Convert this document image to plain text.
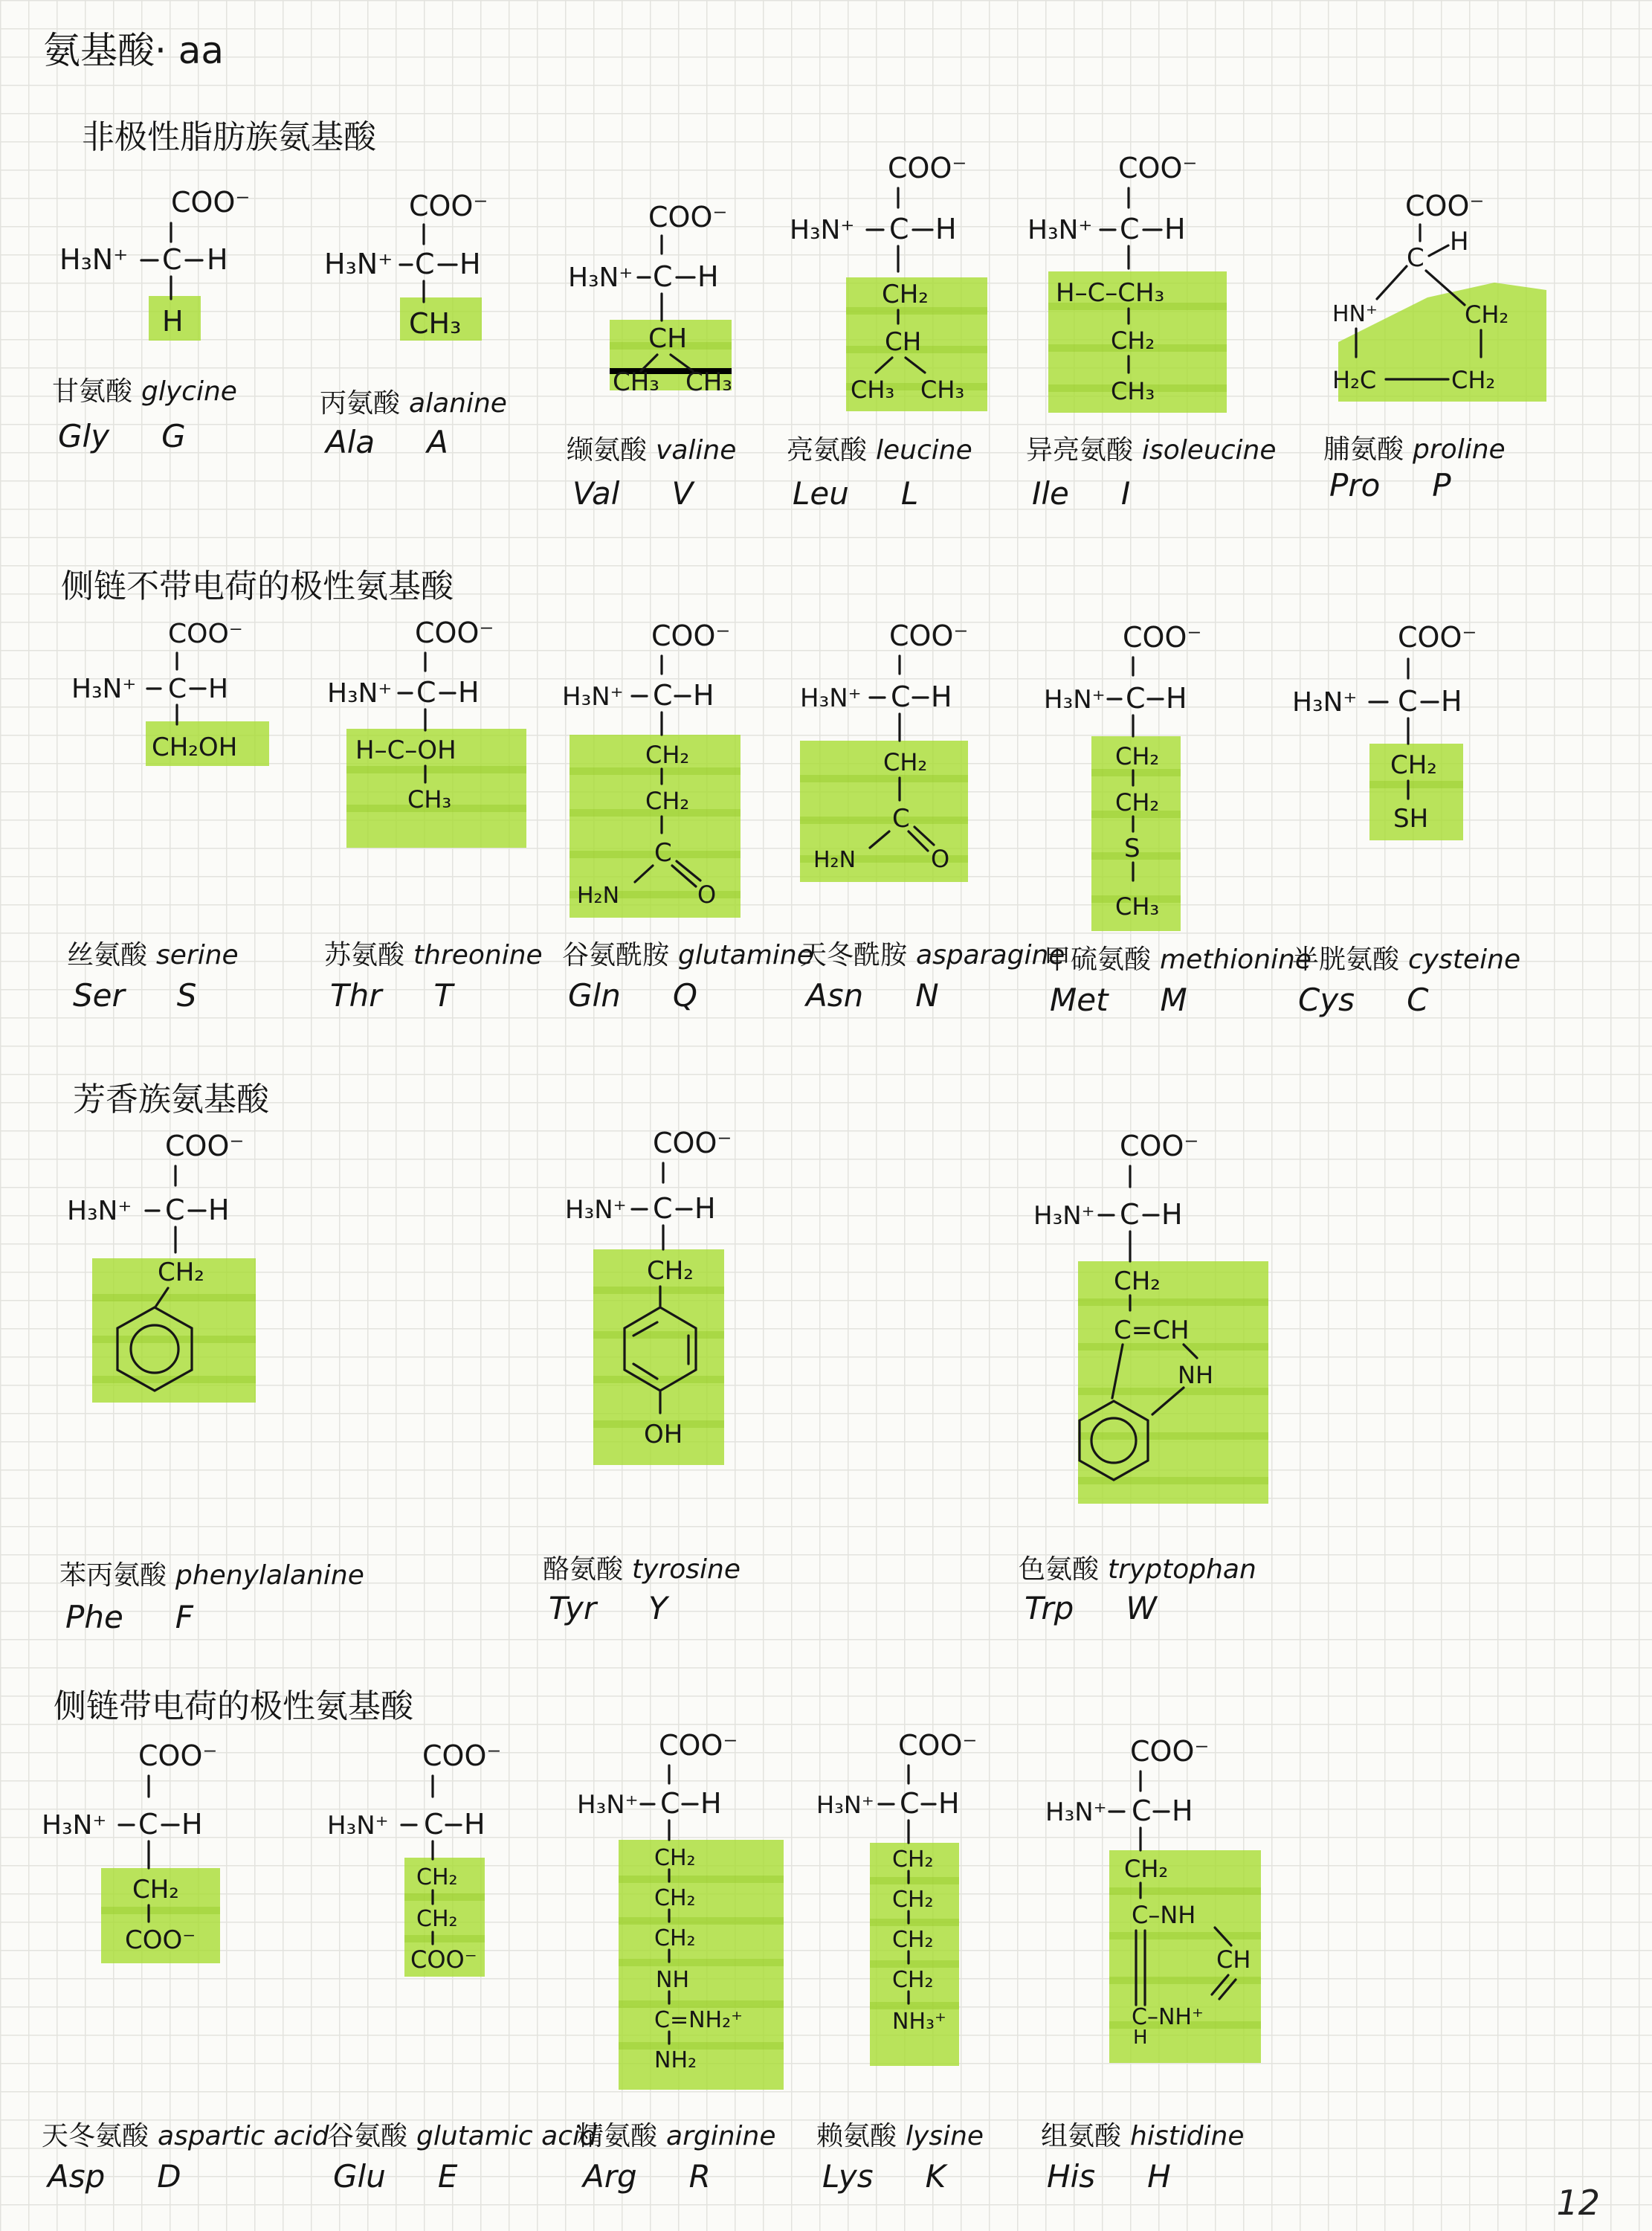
氨基酸· aa
非极性脂肪族氨基酸
侧链不带电荷的极性氨基酸
芳香族氨基酸
侧链带电荷的极性氨基酸
COO⁻
H₃N⁺ C H
H
甘氨酸 glycine
Gly G
COO⁻
H₃N⁺ C H
CH₃
丙氨酸 alanine
Ala A
COO⁻
H₃N⁺ C H
CH
CH₃ CH₃
缬氨酸 valine
Val V
COO⁻
H₃N⁺ C H
CH₂
CH
CH₃ CH₃
亮氨酸 leucine
Leu L
COO⁻
H₃N⁺ C H
H–C–CH₃
CH₂
CH₃
异亮氨酸 isoleucine
Ile I
COO⁻
C
H
HN⁺	CH₂
H₂C	CH₂
脯氨酸 proline
Pro P
COO⁻
H₃N⁺ C H
CH₂OH
丝氨酸 serine
Ser S
COO⁻
H₃N⁺ C H
H–C–OH
CH₃
苏氨酸 threonine
Thr T
COO⁻
H₃N⁺ C H
CH₂
CH₂
C
H₂N	O
谷氨酰胺 glutamine
Gln Q
COO⁻
H₃N⁺ C H
CH₂
C
H₂N	O
天冬酰胺 asparagine
Asn N
COO⁻
H₃N⁺ C H
CH₂
CH₂
S
CH₃
甲硫氨酸 methionine
Met M
COO⁻
H₃N⁺ C H
CH₂
SH
半胱氨酸 cysteine
Cys C
COO⁻
H₃N⁺ C H
CH₂
苯丙氨酸 phenylalanine
Phe F
COO⁻
H₃N⁺ C H
CH₂
OH
酪氨酸 tyrosine
Tyr Y
COO⁻
H₃N⁺ C H
CH₂
C=CH
NH
色氨酸 tryptophan
Trp W
COO⁻
H₃N⁺ C H
CH₂
COO⁻
天冬氨酸 aspartic acid
Asp D
COO⁻
H₃N⁺ C H
CH₂
CH₂
COO⁻
谷氨酸 glutamic acid
Glu E
COO⁻
H₃N⁺ C H
CH₂
CH₂
CH₂
NH
C=NH₂⁺
NH₂
精氨酸 arginine
Arg R
COO⁻
H₃N⁺ C H
CH₂
CH₂
CH₂
CH₂
NH₃⁺
赖氨酸 lysine
Lys K
COO⁻
H₃N⁺ C H
CH₂
C–NH
CH
C–NH⁺
H
组氨酸 histidine
His H
12
